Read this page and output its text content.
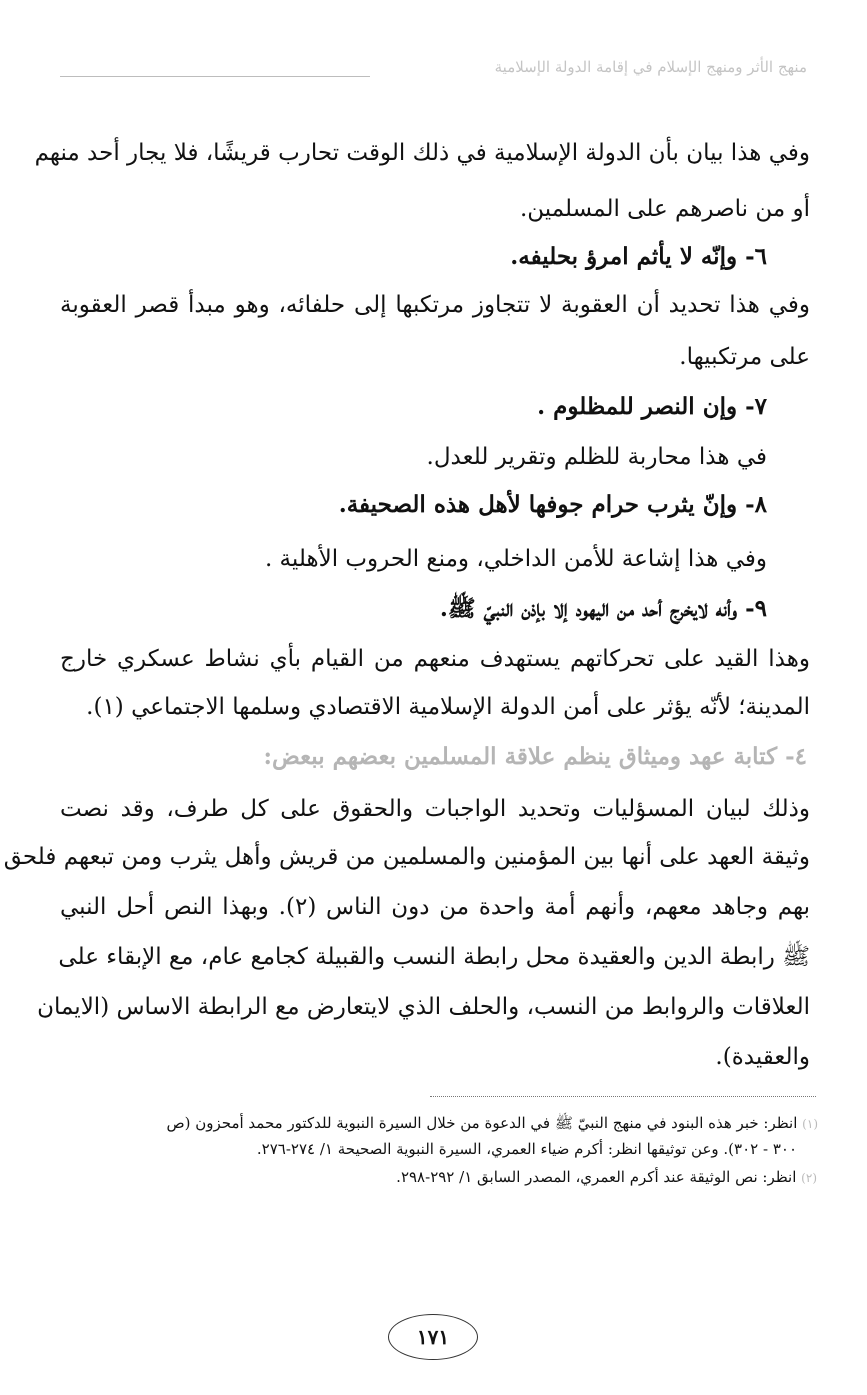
منهج الأثر ومنهج الإسلام في إقامة الدولة الإسلامية
وفي هذا بيان بأن الدولة الإسلامية في ذلك الوقت تحارب قريشًا، فلا يجار أحد منهم
أو من ناصرهم على المسلمين.
٦- وإنّه لا يأثم امرؤ بحليفه.
وفي هذا تحديد أن العقوبة لا تتجاوز مرتكبها إلى حلفائه، وهو مبدأ قصر العقوبة
على مرتكبيها.
٧- وإن النصر للمظلوم .
في هذا محاربة للظلم وتقرير للعدل.
٨- وإنّ يثرب حرام جوفها لأهل هذه الصحيفة.
وفي هذا إشاعة للأمن الداخلي، ومنع الحروب الأهلية .
٩- وأنه لايخرج أحد من اليهود إلا بإذن النبيّ ﷺ.
وهذا القيد على تحركاتهم يستهدف منعهم من القيام بأي نشاط عسكري خارج
المدينة؛ لأنّه يؤثر على أمن الدولة الإسلامية الاقتصادي وسلمها الاجتماعي (١).
٤- كتابة عهد وميثاق ينظم علاقة المسلمين بعضهم ببعض:
وذلك لبيان المسؤليات وتحديد الواجبات والحقوق على كل طرف، وقد نصت
وثيقة العهد على أنها بين المؤمنين والمسلمين من قريش وأهل يثرب ومن تبعهم فلحق
بهم وجاهد معهم، وأنهم أمة واحدة من دون الناس (٢). وبهذا النص أحل النبي
ﷺ رابطة الدين والعقيدة محل رابطة النسب والقبيلة كجامع عام، مع الإبقاء على
العلاقات والروابط من النسب، والحلف الذي لايتعارض مع الرابطة الاساس (الايمان
والعقيدة).
(١) انظر: خبر هذه البنود في منهج النبيّ ﷺ في الدعوة من خلال السيرة النبوية للدكتور محمد أمحزون (ص
٣٠٠ - ٣٠٢). وعن توثيقها انظر: أكرم ضياء العمري، السيرة النبوية الصحيحة ١/ ٢٧٤-٢٧٦.
(٢) انظر: نص الوثيقة عند أكرم العمري، المصدر السابق ١/ ٢٩٢-٢٩٨.
١٧١
